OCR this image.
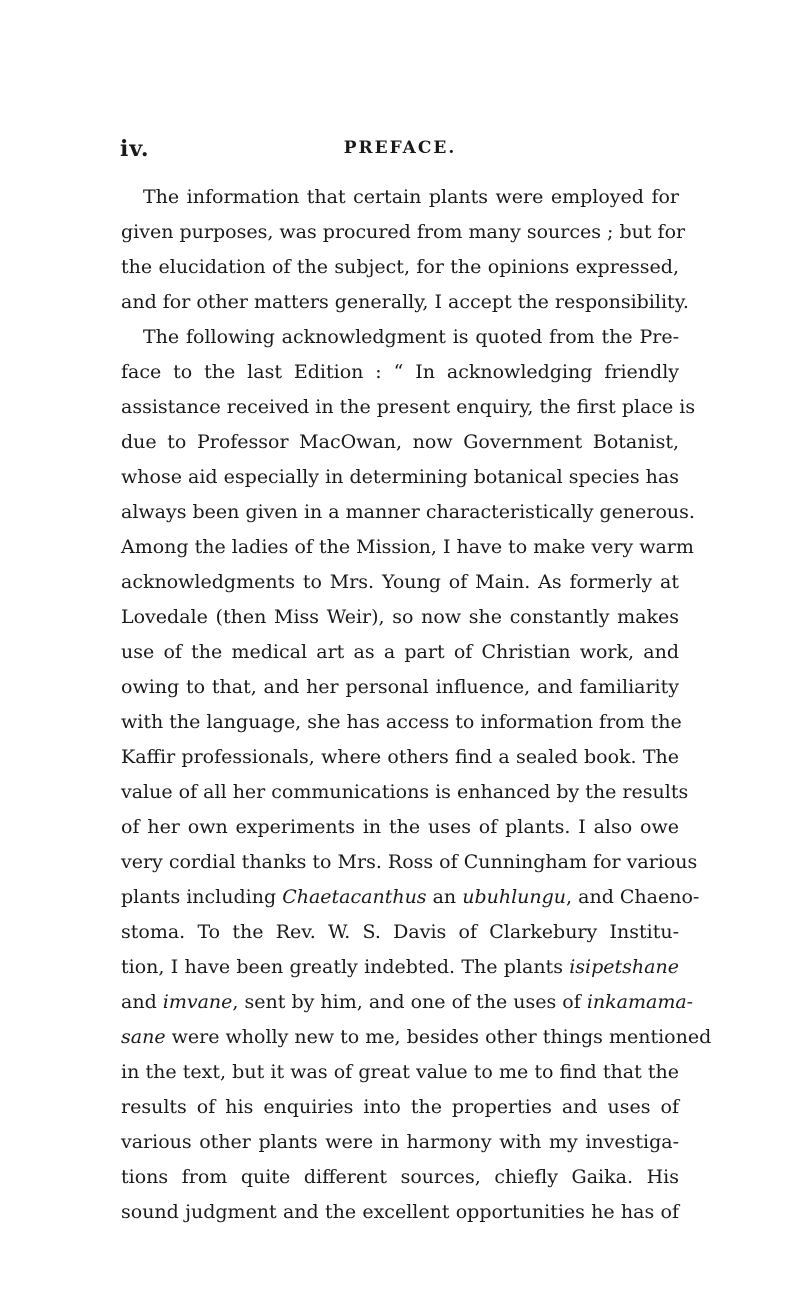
iv.	PREFACE.
The information that certain plants were employed for
given purposes, was procured from many sources ; but for
the elucidation of the subject, for the opinions expressed,
and for other matters generally, I accept the responsibility.
The following acknowledgment is quoted from the Pre-
face to the last Edition : “ In acknowledging friendly
assistance received in the present enquiry, the first place is
due to Professor MacOwan, now Government Botanist,
whose aid especially in determining botanical species has
always been given in a manner characteristically generous.
Among the ladies of the Mission, I have to make very warm
acknowledgments to Mrs. Young of Main. As formerly at
Lovedale (then Miss Weir), so now she constantly makes
use of the medical art as a part of Christian work, and
owing to that, and her personal influence, and familiarity
with the language, she has access to information from the
Kaffir professionals, where others find a sealed book. The
value of all her communications is enhanced by the results
of her own experiments in the uses of plants. I also owe
very cordial thanks to Mrs. Ross of Cunningham for various
plants including Chaetacanthus an ubuhlungu, and Chaeno-
stoma. To the Rev. W. S. Davis of Clarkebury Institu-
tion, I have been greatly indebted. The plants isipetshane
and imvane, sent by him, and one of the uses of inkamama-
sane were wholly new to me, besides other things mentioned
in the text, but it was of great value to me to find that the
results of his enquiries into the properties and uses of
various other plants were in harmony with my investiga-
tions from quite different sources, chiefly Gaika. His
sound judgment and the excellent opportunities he has of
